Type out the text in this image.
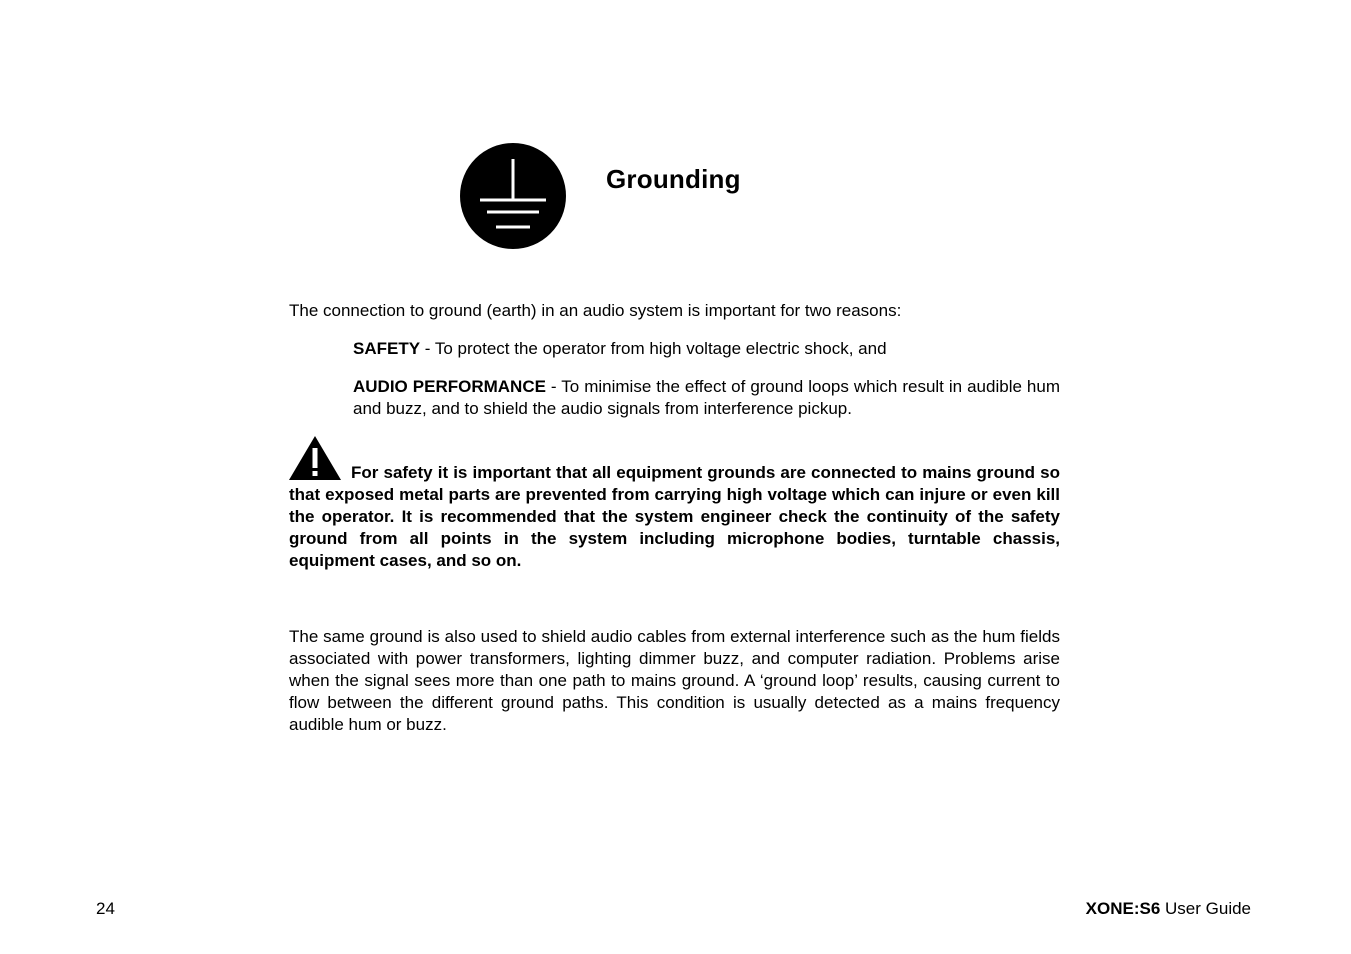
Grounding

The connection to ground (earth) in an audio system is important for two reasons:

SAFETY - To protect the operator from high voltage electric shock, and

AUDIO PERFORMANCE - To minimise the effect of ground loops which result in audible hum and buzz, and to shield the audio signals from interference pickup.

For safety it is important that all equipment grounds are connected to mains ground so that exposed metal parts are prevented from carrying high voltage which can injure or even kill the operator. It is recommended that the system engineer check the continuity of the safety ground from all points in the system including microphone bodies, turntable chassis, equipment cases, and so on.

The same ground is also used to shield audio cables from external interference such as the hum fields associated with power transformers, lighting dimmer buzz, and computer radiation. Problems arise when the signal sees more than one path to mains ground. A ‘ground loop’ results, causing current to flow between the different ground paths. This condition is usually detected as a mains frequency audible hum or buzz.

24	XONE:S6 User Guide
